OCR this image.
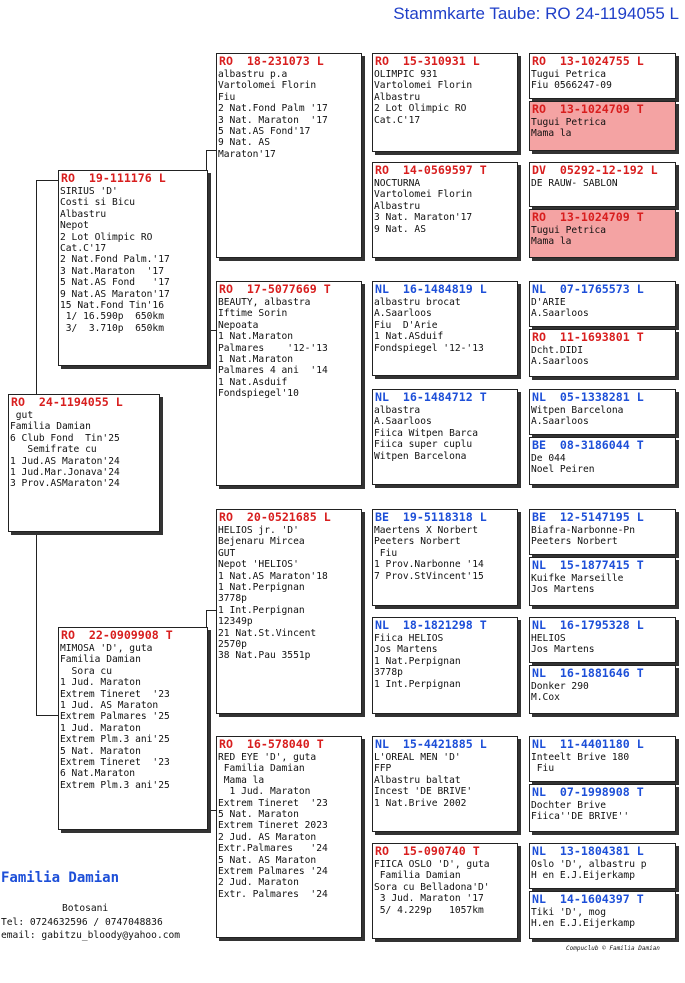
Stammkarte Taube: RO 24-1194055 L
RO  24-1194055 L
gut
Familia Damian
6 Club Fond  Tin'25
Semifrate cu
1 Jud.AS Maraton'24
1 Jud.Mar.Jonava'24
3 Prov.ASMaraton'24
RO  19-111176 L
SIRIUS 'D'
Costi si Bicu
Albastru
Nepot
2 Lot Olimpic RO
Cat.C'17
2 Nat.Fond Palm.'17
3 Nat.Maraton  '17
5 Nat.AS Fond   '17
9 Nat.AS Maraton'17
15 Nat.Fond Tin'16
1/ 16.590p  650km
3/  3.710p  650km
RO  22-0909908 T
MIMOSA 'D', guta
Familia Damian
Sora cu
1 Jud. Maraton
Extrem Tineret  '23
1 Jud. AS Maraton
Extrem Palmares '25
1 Jud. Maraton
Extrem Plm.3 ani'25
5 Nat. Maraton
Extrem Tineret  '23
6 Nat.Maraton
Extrem Plm.3 ani'25
RO  18-231073 L
albastru p.a
Vartolomei Florin
Fiu
2 Nat.Fond Palm '17
3 Nat. Maraton  '17
5 Nat.AS Fond'17
9 Nat. AS
Maraton'17
RO  17-5077669 T
BEAUTY, albastra
Iftime Sorin
Nepoata
1 Nat.Maraton
Palmares    '12-'13
1 Nat.Maraton
Palmares 4 ani  '14
1 Nat.Asduif
Fondspiegel'10
RO  20-0521685 L
HELIOS jr. 'D'
Bejenaru Mircea
GUT
Nepot 'HELIOS'
1 Nat.AS Maraton'18
1 Nat.Perpignan
3778p
1 Int.Perpignan
12349p
21 Nat.St.Vincent
2570p
38 Nat.Pau 3551p
RO  16-578040 T
RED EYE 'D', guta
Familia Damian
Mama la
1 Jud. Maraton
Extrem Tineret  '23
5 Nat. Maraton
Extrem Tineret 2023
2 Jud. AS Maraton
Extr.Palmares   '24
5 Nat. AS Maraton
Extrem Palmares '24
2 Jud. Maraton
Extr. Palmares  '24
RO  15-310931 L
OLIMPIC 931
Vartolomei Florin
Albastru
2 Lot Olimpic RO
Cat.C'17
RO  14-0569597 T
NOCTURNA
Vartolomei Florin
Albastru
3 Nat. Maraton'17
9 Nat. AS
NL  16-1484819 L
albastru brocat
A.Saarloos
Fiu  D'Arie
1 Nat.ASduif
Fondspiegel '12-'13
NL  16-1484712 T
albastra
A.Saarloos
Fiica Witpen Barca
Fiica super cuplu
Witpen Barcelona
BE  19-5118318 L
Maertens X Norbert
Peeters Norbert
Fiu
1 Prov.Narbonne '14
7 Prov.StVincent'15
NL  18-1821298 T
Fiica HELIOS
Jos Martens
1 Nat.Perpignan
3778p
1 Int.Perpignan
NL  15-4421885 L
L'OREAL MEN 'D'
FFP
Albastru baltat
Incest 'DE BRIVE'
1 Nat.Brive 2002
RO  15-090740 T
FIICA OSLO 'D', guta
Familia Damian
Sora cu Belladona'D'
3 Jud. Maraton '17
5/ 4.229p   1057km
RO  13-1024755 L
Tugui Petrica
Fiu 0566247-09
RO  13-1024709 T
Tugui Petrica
Mama la
DV  05292-12-192 L
DE RAUW- SABLON
RO  13-1024709 T
Tugui Petrica
Mama la
NL  07-1765573 L
D'ARIE
A.Saarloos
RO  11-1693801 T
Dcht.DIDI
A.Saarloos
NL  05-1338281 L
Witpen Barcelona
A.Saarloos
BE  08-3186044 T
De 044
Noel Peiren
BE  12-5147195 L
Biafra-Narbonne-Pn
Peeters Norbert
NL  15-1877415 T
Kuifke Marseille
Jos Martens
NL  16-1795328 L
HELIOS
Jos Martens
NL  16-1881646 T
Donker 290
M.Cox
NL  11-4401180 L
Inteelt Brive 180
Fiu
NL  07-1998908 T
Dochter Brive
Fiica''DE BRIVE''
NL  13-1804381 L
Oslo 'D', albastru p
H en E.J.Eijerkamp
NL  14-1604397 T
Tiki 'D', mog
H.en E.J.Eijerkamp
Familia Damian
Botosani
Tel: 0724632596 / 0747048836
email: gabitzu_bloody@yahoo.com
Compuclub © Familia Damian
